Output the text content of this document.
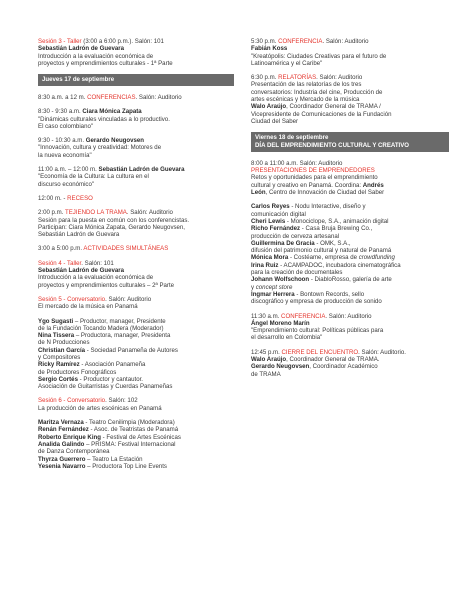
Sesión 3 - Taller (3:00 a 6:00 p.m.). Salón: 101
Sebastián Ladrón de Guevara
Introducción a la evaluación económica de
proyectos y emprendimientos culturales - 1ª Parte
Jueves 17 de septiembre
8:30 a.m. a 12 m. CONFERENCIAS. Salón: Auditorio
8:30 - 9:30 a.m. Ciara Mónica Zapata
"Dinámicas culturales vinculadas a lo productivo.
El caso colombiano"
9:30 - 10:30 a.m. Gerardo Neugovsen
"Innovación, cultura y creatividad: Motores de
la nueva economía"
11:00 a.m. – 12:00 m. Sebastián Ladrón de Guevara
"Economía de la Cultura: La cultura en el
discurso económico"
12:00 m. - RECESO
2:00 p.m. TEJIENDO LA TRAMA. Salón: Auditorio
Sesión para la puesta en común con los conferencistas.
Participan: Ciara Mónica Zapata, Gerardo Neugovsen,
Sebastián Ladrón de Guevara
3:00 a 5:00 p.m. ACTIVIDADES SIMULTÁNEAS
Sesión 4 - Taller. Salón: 101
Sebastián Ladrón de Guevara
Introducción a la evaluación económica de
proyectos y emprendimientos culturales – 2ª Parte
Sesión 5 - Conversatorio. Salón: Auditorio
El mercado de la música en Panamá
Ygo Sugasti – Productor, manager, Presidente
de la Fundación Tocando Madera (Moderador)
Nina Tissera – Productora, manager, Presidenta
de N Producciones
Christian García - Sociedad Panameña de Autores
y Compositores
Ricky Ramírez - Asociación Panameña
de Productores Fonográficos
Sergio Cortés - Productor y cantautor.
Asociación de Guitarristas y Cuerdas Panameñas
Sesión 6 - Conversatorio. Salón: 102
La producción de artes escénicas en Panamá
Maritza Vernaza - Teatro Cenilimpia (Moderadora)
Renán Fernández - Asoc. de Teatristas de Panamá
Roberto Enrique King - Festival de Artes Escénicas
Analida Galindo – PRISMA: Festival Internacional
de Danza Contemporánea
Thyrza Guerrero – Teatro La Estación
Yesenia Navarro – Productora Top Line Events
5:30 p.m. CONFERENCIA. Salón: Auditorio
Fabián Koss
"Kreatópolis: Ciudades Creativas para el futuro de
Latinoamérica y el Caribe"
6:30 p.m. RELATORÍAS. Salón: Auditorio
Presentación de las relatorías de los tres
conversatorios: Industria del cine, Producción de
artes escénicas y Mercado de la música
Walo Araújo, Coordinador General de TRAMA /
Vicepresidente de Comunicaciones de la Fundación
Ciudad del Saber
Viernes 18 de septiembre
DÍA DEL EMPRENDIMIENTO CULTURAL Y CREATIVO
8:00 a 11:00 a.m. Salón: Auditorio
PRESENTACIONES DE EMPRENDEDORES
Retos y oportunidades para el emprendimiento
cultural y creativo en Panamá. Coordina: Andrés
León, Centro de Innovación de Ciudad del Saber
Carlos Reyes - Nodu Interactive, diseño y
comunicación digital
Cheri Lewis - Monociclope, S.A., animación digital
Richo Fernández - Casa Bruja Brewing Co.,
producción de cerveza artesanal
Guillermina De Gracia - OMK, S.A.,
difusión del patrimonio cultural y natural de Panamá
Mónica Mora - Costéame, empresa de crowdfunding
Irina Ruiz - ACAMPADOC, incubadora cinematográfica
para la creación de documentales
Johann Wolfschoon - DiabloRosso, galería de arte
y concept store
Ingmar Herrera - Bontown Records, sello
discográfico y empresa de producción de sonido
11:30 a.m. CONFERENCIA. Salón: Auditorio
Ángel Moreno Marín
"Emprendimiento cultural: Políticas públicas para
el desarrollo en Colombia"
12:45 p.m. CIERRE DEL ENCUENTRO. Salón: Auditorio.
Walo Araújo, Coordinador General de TRAMA.
Gerardo Neugovsen, Coordinador Académico
de TRAMA
